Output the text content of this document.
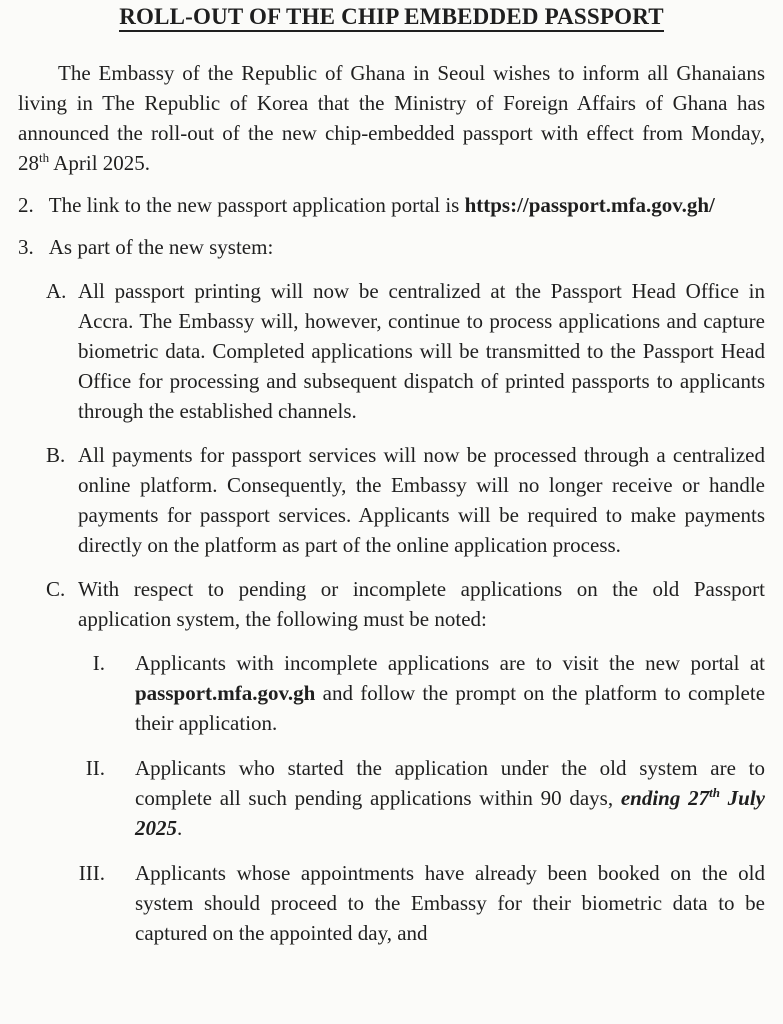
ROLL-OUT OF THE CHIP EMBEDDED PASSPORT

The Embassy of the Republic of Ghana in Seoul wishes to inform all Ghanaians living in The Republic of Korea that the Ministry of Foreign Affairs of Ghana has announced the roll-out of the new chip-embedded passport with effect from Monday, 28th April 2025.

2. The link to the new passport application portal is https://passport.mfa.gov.gh/

3. As part of the new system:

A. All passport printing will now be centralized at the Passport Head Office in Accra. The Embassy will, however, continue to process applications and capture biometric data. Completed applications will be transmitted to the Passport Head Office for processing and subsequent dispatch of printed passports to applicants through the established channels.
B. All payments for passport services will now be processed through a centralized online platform. Consequently, the Embassy will no longer receive or handle payments for passport services. Applicants will be required to make payments directly on the platform as part of the online application process.
C. With respect to pending or incomplete applications on the old Passport application system, the following must be noted:
I. Applicants with incomplete applications are to visit the new portal at passport.mfa.gov.gh and follow the prompt on the platform to complete their application.
II. Applicants who started the application under the old system are to complete all such pending applications within 90 days, ending 27th July 2025.
III. Applicants whose appointments have already been booked on the old system should proceed to the Embassy for their biometric data to be captured on the appointed day, and
